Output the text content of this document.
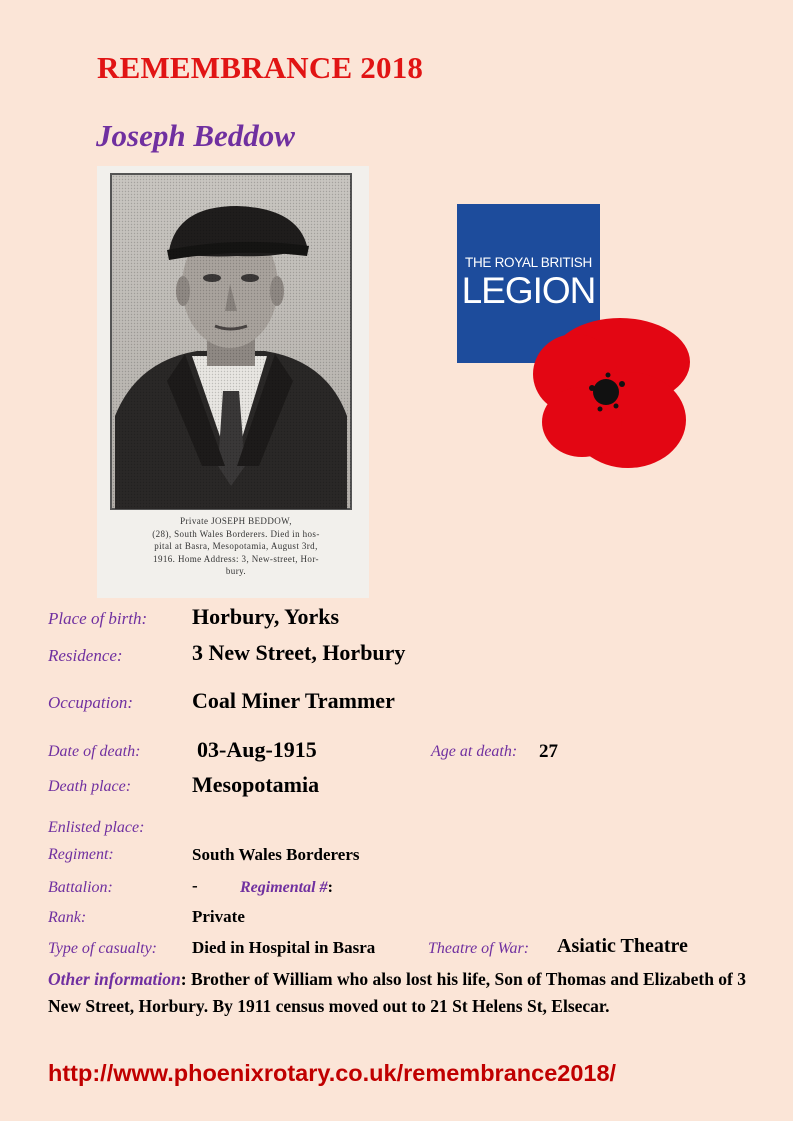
REMEMBRANCE 2018
Joseph Beddow
Private JOSEPH BEDDOW,
(28), South Wales Borderers. Died in hos-
pital at Basra, Mesopotamia, August 3rd,
1916. Home Address: 3, New-street, Hor-
bury.
THE ROYAL BRITISH
LEGION
Place of birth: Horbury, Yorks
Residence:	3 New Street, Horbury
Occupation:	Coal Miner Trammer
Date of death:	03-Aug-1915	Age at death: 27
Death place:	Mesopotamia
Enlisted place:
Regiment:	South Wales Borderers
Battalion:	-	Regimental #:
Rank:	Private
Type of casualty: Died in Hospital in Basra	Theatre of War: Asiatic Theatre
Other information: Brother of William who also lost his life, Son of Thomas and Elizabeth of 3 New Street, Horbury. By 1911 census moved out to 21 St Helens St, Elsecar.
http://www.phoenixrotary.co.uk/remembrance2018/
